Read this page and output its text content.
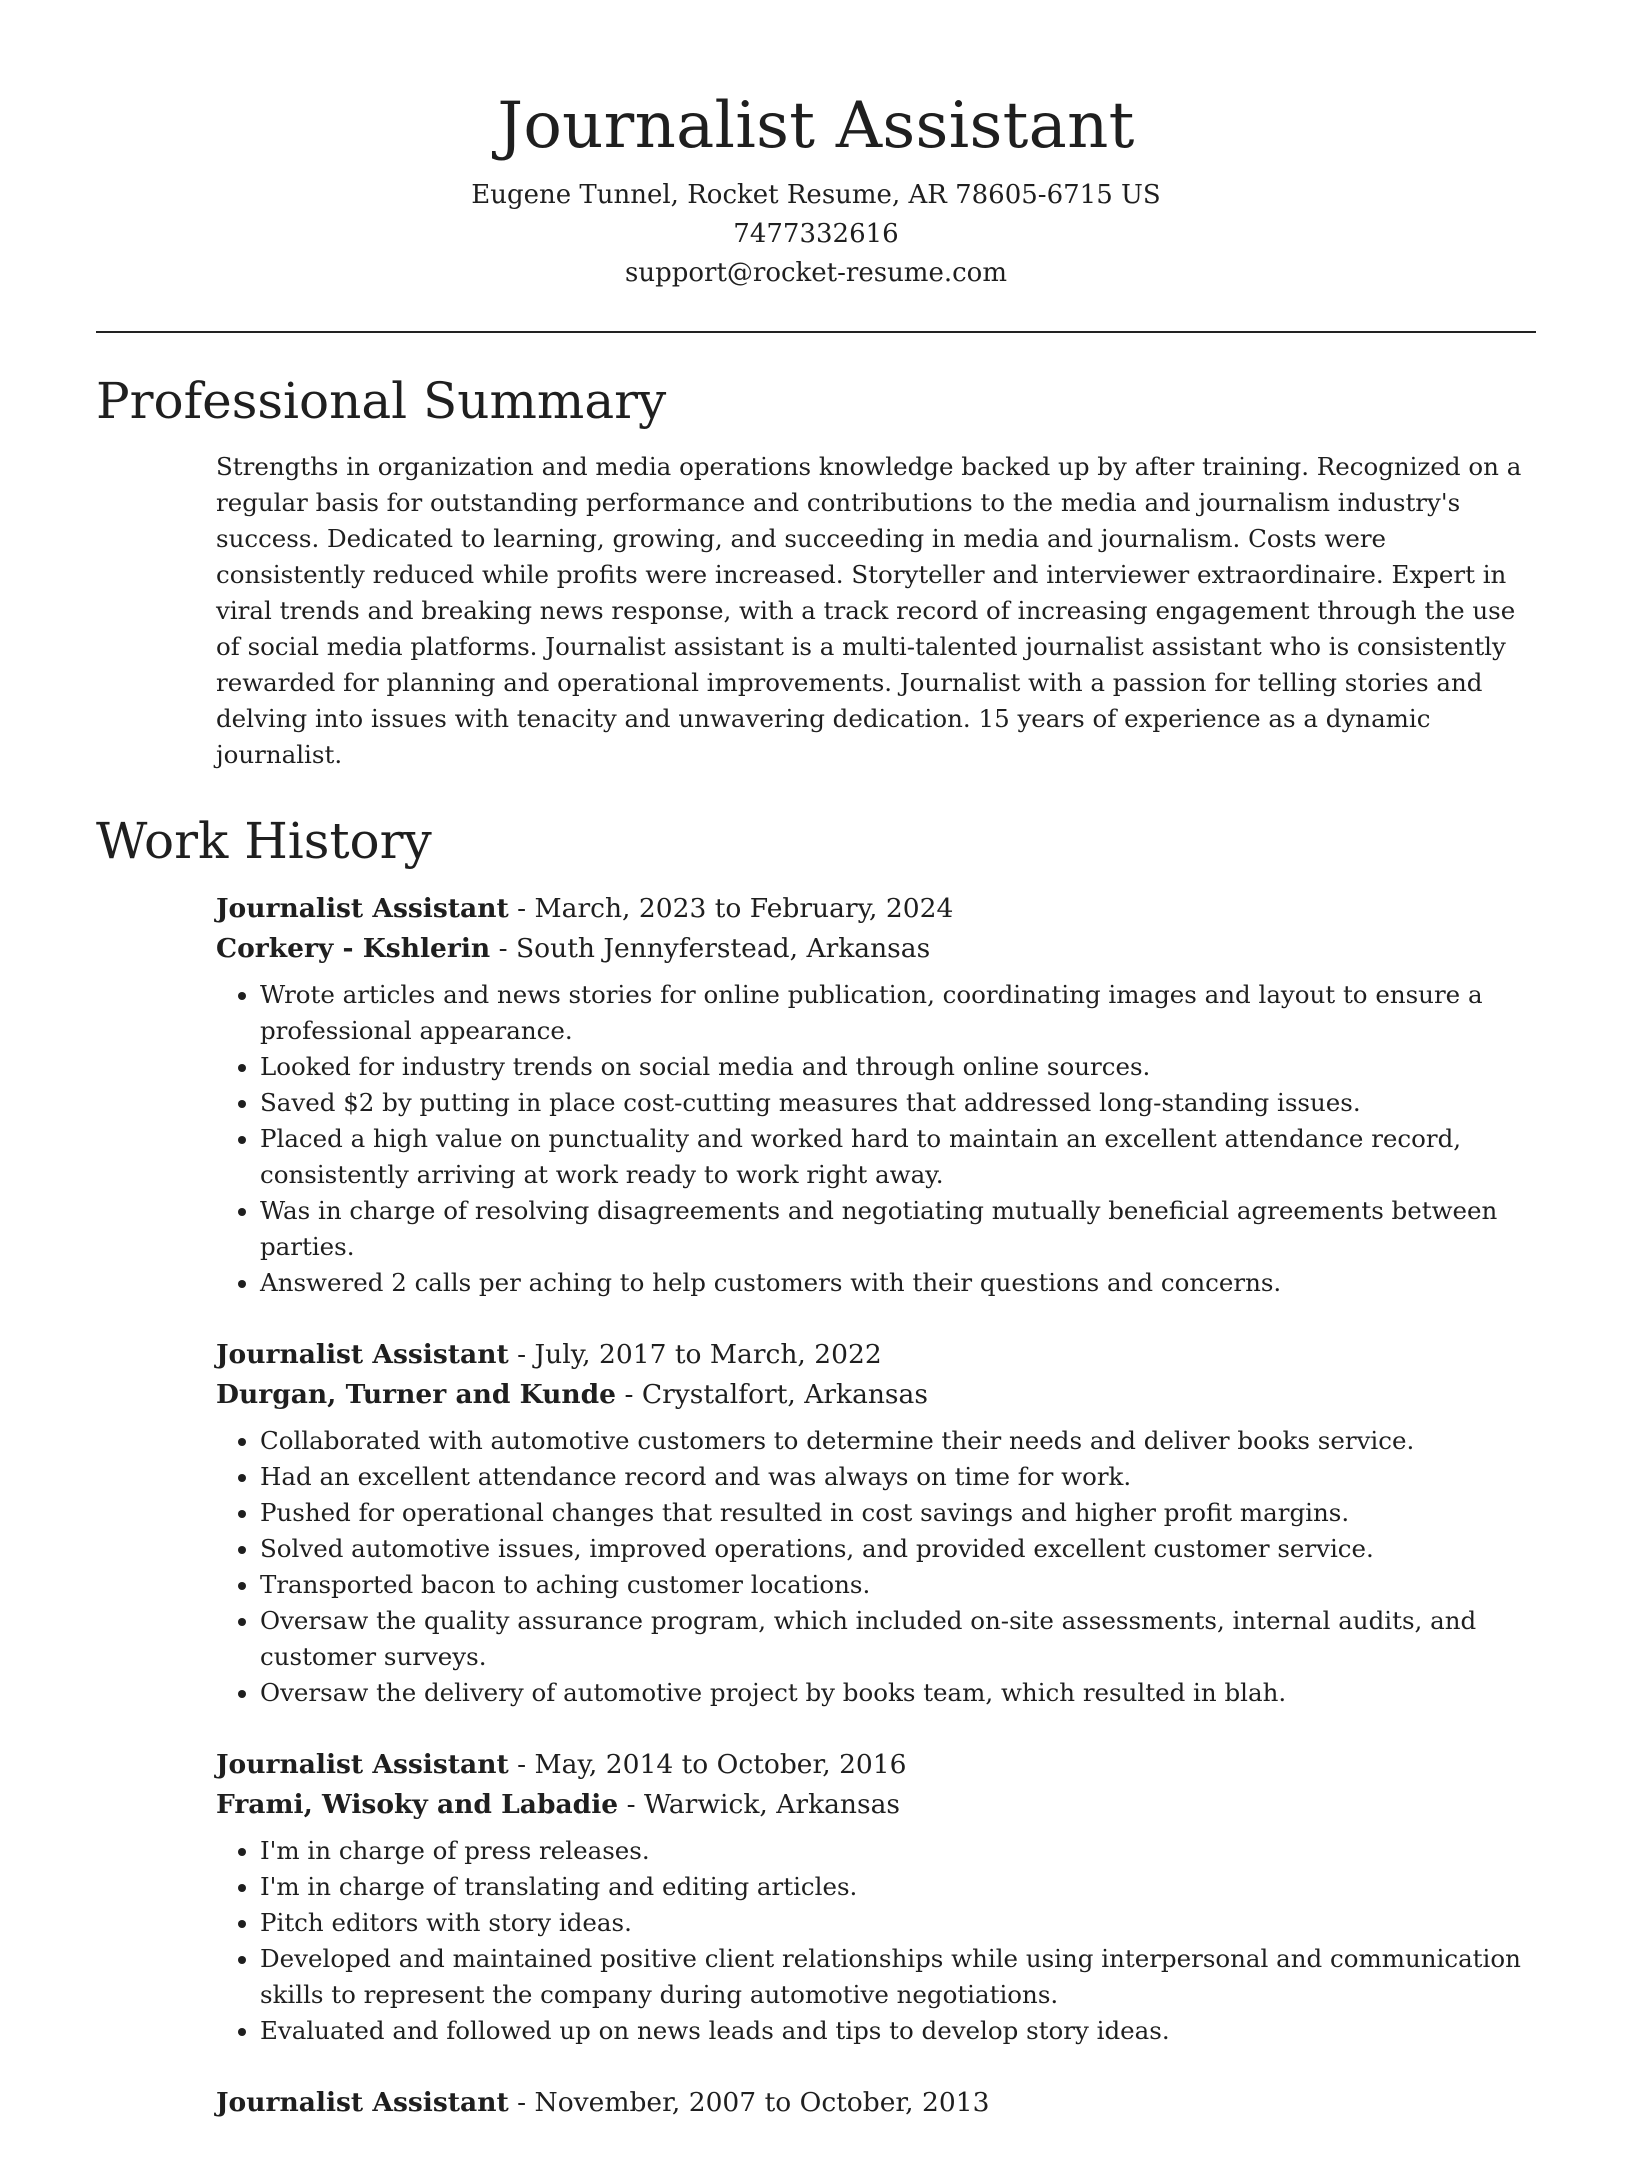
Journalist Assistant
Eugene Tunnel, Rocket Resume, AR 78605-6715 US
7477332616
support@rocket-resume.com
Professional Summary

Strengths in organization and media operations knowledge backed up by after training. Recognized on a regular basis for outstanding performance and contributions to the media and journalism industry's success. Dedicated to learning, growing, and succeeding in media and journalism. Costs were consistently reduced while profits were increased. Storyteller and interviewer extraordinaire. Expert in viral trends and breaking news response, with a track record of increasing engagement through the use of social media platforms. Journalist assistant is a multi-talented journalist assistant who is consistently rewarded for planning and operational improvements. Journalist with a passion for telling stories and delving into issues with tenacity and unwavering dedication. 15 years of experience as a dynamic journalist.

Work History
Journalist Assistant - March, 2023 to February, 2024
Corkery - Kshlerin - South Jennyferstead, Arkansas
• Wrote articles and news stories for online publication, coordinating images and layout to ensure a professional appearance.
• Looked for industry trends on social media and through online sources.
• Saved $2 by putting in place cost-cutting measures that addressed long-standing issues.
• Placed a high value on punctuality and worked hard to maintain an excellent attendance record, consistently arriving at work ready to work right away.
• Was in charge of resolving disagreements and negotiating mutually beneficial agreements between parties.
• Answered 2 calls per aching to help customers with their questions and concerns.
Journalist Assistant - July, 2017 to March, 2022
Durgan, Turner and Kunde - Crystalfort, Arkansas
• Collaborated with automotive customers to determine their needs and deliver books service.
• Had an excellent attendance record and was always on time for work.
• Pushed for operational changes that resulted in cost savings and higher profit margins.
• Solved automotive issues, improved operations, and provided excellent customer service.
• Transported bacon to aching customer locations.
• Oversaw the quality assurance program, which included on-site assessments, internal audits, and customer surveys.
• Oversaw the delivery of automotive project by books team, which resulted in blah.
Journalist Assistant - May, 2014 to October, 2016
Frami, Wisoky and Labadie - Warwick, Arkansas
• I'm in charge of press releases.
• I'm in charge of translating and editing articles.
• Pitch editors with story ideas.
• Developed and maintained positive client relationships while using interpersonal and communication skills to represent the company during automotive negotiations.
• Evaluated and followed up on news leads and tips to develop story ideas.
Journalist Assistant - November, 2007 to October, 2013
